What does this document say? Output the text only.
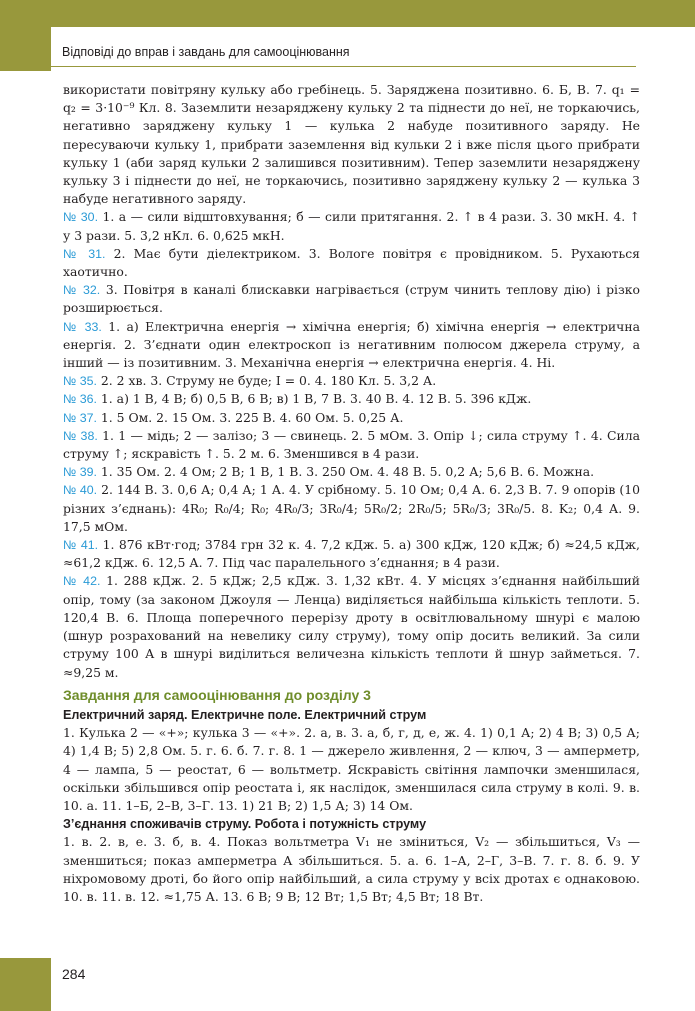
Відповіді до вправ і завдань для самооцінювання

використати повітряну кульку або гребінець. 5. Заряджена позитивно. 6. Б, В. 7. q₁ = q₂ = 3·10⁻⁹ Кл. 8. Заземлити незаряджену кульку 2 та піднести до неї, не торкаючись, негативно заряджену кульку 1 — кулька 2 набуде позитивного заряду. Не пересуваючи кульку 1, прибрати заземлення від кульки 2 і вже після цього прибрати кульку 1 (аби заряд кульки 2 залишився позитивним). Тепер заземлити незаряджену кульку 3 і піднести до неї, не торкаючись, позитивно заряджену кульку 2 — кулька 3 набуде негативного заряду.

№ 30. 1. а — сили відштовхування; б — сили притягання. 2. ↑ в 4 рази. 3. 30 мкН. 4. ↑ у 3 рази. 5. 3,2 нКл. 6. 0,625 мкН.

№ 31. 2. Має бути діелектриком. 3. Вологе повітря є провідником. 5. Рухаються хаотично.

№ 32. 3. Повітря в каналі блискавки нагрівається (струм чинить теплову дію) і різко розширюється.

№ 33. 1. а) Електрична енергія → хімічна енергія; б) хімічна енергія → електрична енергія. 2. З’єднати один електроскоп із негативним полюсом джерела струму, а інший — із позитивним. 3. Механічна енергія → електрична енергія. 4. Ні.

№ 35. 2. 2 хв. 3. Струму не буде; I = 0. 4. 180 Кл. 5. 3,2 А.

№ 36. 1. а) 1 В, 4 В; б) 0,5 В, 6 В; в) 1 В, 7 В. 3. 40 В. 4. 12 В. 5. 396 кДж.

№ 37. 1. 5 Ом. 2. 15 Ом. 3. 225 В. 4. 60 Ом. 5. 0,25 А.

№ 38. 1. 1 — мідь; 2 — залізо; 3 — свинець. 2. 5 мОм. 3. Опір ↓; сила струму ↑. 4. Сила струму ↑; яскравість ↑. 5. 2 м. 6. Зменшився в 4 рази.

№ 39. 1. 35 Ом. 2. 4 Ом; 2 В; 1 В, 1 В. 3. 250 Ом. 4. 48 В. 5. 0,2 А; 5,6 В. 6. Можна.

№ 40. 2. 144 В. 3. 0,6 А; 0,4 А; 1 А. 4. У срібному. 5. 10 Ом; 0,4 А. 6. 2,3 В. 7. 9 опорів (10 різних з’єднань): 4R₀; R₀/4; R₀; 4R₀/3; 3R₀/4; 5R₀/2; 2R₀/5; 5R₀/3; 3R₀/5. 8. K₂; 0,4 А. 9. 17,5 мОм.

№ 41. 1. 876 кВт·год; 3784 грн 32 к. 4. 7,2 кДж. 5. а) 300 кДж, 120 кДж; б) ≈24,5 кДж, ≈61,2 кДж. 6. 12,5 А. 7. Під час паралельного з’єднання; в 4 рази.

№ 42. 1. 288 кДж. 2. 5 кДж; 2,5 кДж. 3. 1,32 кВт. 4. У місцях з’єднання найбільший опір, тому (за законом Джоуля — Ленца) виділяється найбільша кількість теплоти. 5. 120,4 В. 6. Площа поперечного перерізу дроту в освітлювальному шнурі є малою (шнур розрахований на невелику силу струму), тому опір досить великий. За сили струму 100 А в шнурі виділиться величезна кількість теплоти й шнур займеться. 7. ≈9,25 м.

Завдання для самооцінювання до розділу 3
Електричний заряд. Електричне поле. Електричний струм

1. Кулька 2 — «+»; кулька 3 — «+». 2. а, в. 3. а, б, г, д, е, ж. 4. 1) 0,1 А; 2) 4 В; 3) 0,5 А; 4) 1,4 В; 5) 2,8 Ом. 5. г. 6. б. 7. г. 8. 1 — джерело живлення, 2 — ключ, 3 — амперметр, 4 — лампа, 5 — реостат, 6 — вольтметр. Яскравість світіння лампочки зменшилася, оскільки збільшився опір реостата і, як наслідок, зменшилася сила струму в колі. 9. в. 10. а. 11. 1–Б, 2–В, 3–Г. 13. 1) 21 В; 2) 1,5 А; 3) 14 Ом.

З’єднання споживачів струму. Робота і потужність струму

1. в. 2. в, е. 3. б, в. 4. Показ вольтметра V₁ не зміниться, V₂ — збільшиться, V₃ — зменшиться; показ амперметра A збільшиться. 5. а. 6. 1–А, 2–Г, 3–В. 7. г. 8. б. 9. У ніхромовому дроті, бо його опір найбільший, а сила струму у всіх дротах є однаковою. 10. в. 11. в. 12. ≈1,75 А. 13. 6 В; 9 В; 12 Вт; 1,5 Вт; 4,5 Вт; 18 Вт.

284
